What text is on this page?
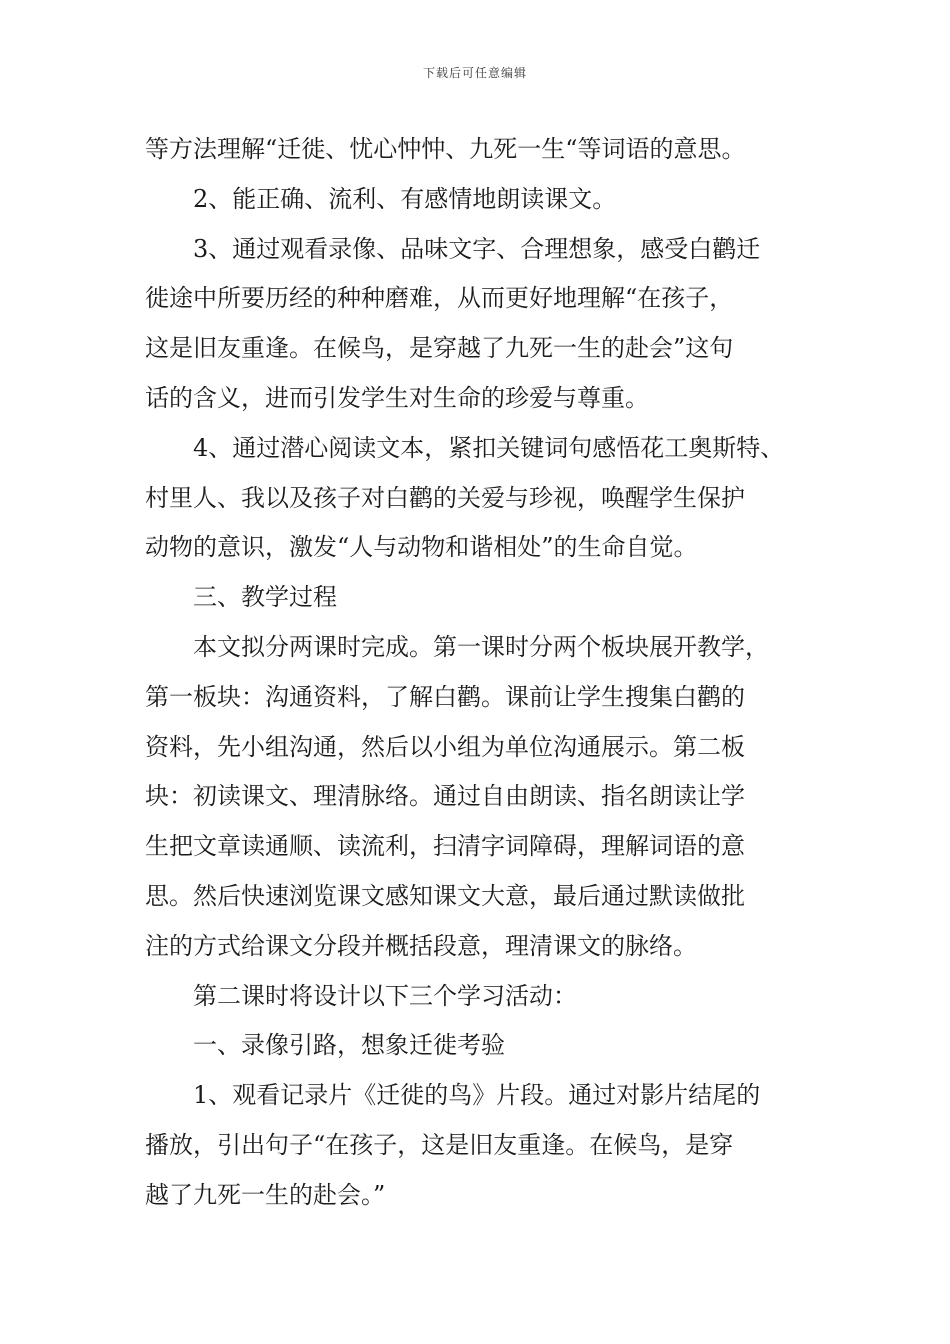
下载后可任意编辑

等方法理解“迁徙、忧心忡忡、九死一生“等词语的意思。

　　2、能正确、流利、有感情地朗读课文。

　　3、通过观看录像、品味文字、合理想象，感受白鹳迁

徙途中所要历经的种种磨难，从而更好地理解“在孩子，

这是旧友重逢。在候鸟，是穿越了九死一生的赴会”这句

话的含义，进而引发学生对生命的珍爱与尊重。

　　4、通过潜心阅读文本，紧扣关键词句感悟花工奥斯特、

村里人、我以及孩子对白鹳的关爱与珍视，唤醒学生保护

动物的意识，激发“人与动物和谐相处”的生命自觉。

　　三、教学过程

　　本文拟分两课时完成。第一课时分两个板块展开教学，

第一板块：沟通资料，了解白鹳。课前让学生搜集白鹳的

资料，先小组沟通，然后以小组为单位沟通展示。第二板

块：初读课文、理清脉络。通过自由朗读、指名朗读让学

生把文章读通顺、读流利，扫清字词障碍，理解词语的意

思。然后快速浏览课文感知课文大意，最后通过默读做批

注的方式给课文分段并概括段意，理清课文的脉络。

　　第二课时将设计以下三个学习活动：

　　一、录像引路，想象迁徙考验

　　1、观看记录片《迁徙的鸟》片段。通过对影片结尾的

播放，引出句子“在孩子，这是旧友重逢。在候鸟，是穿

越了九死一生的赴会。”
